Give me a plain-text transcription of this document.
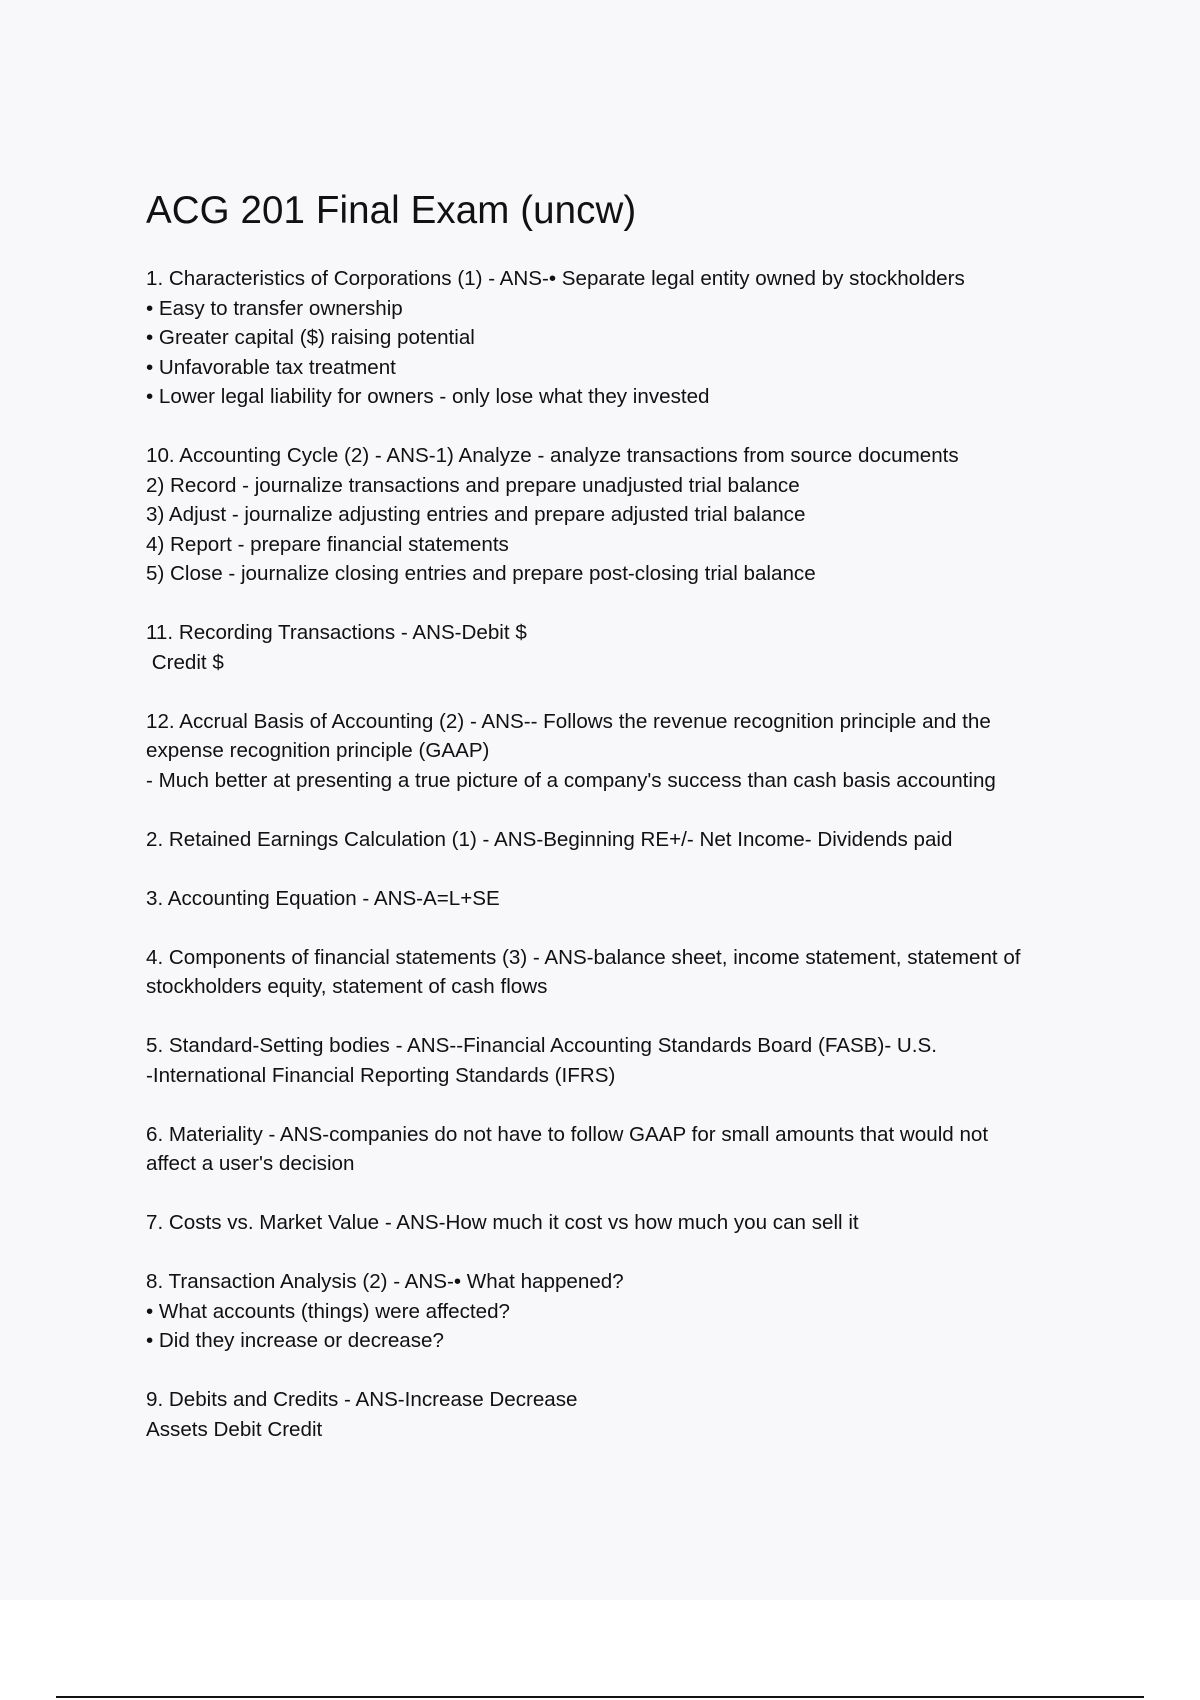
ACG 201 Final Exam (uncw)
1. Characteristics of Corporations (1) - ANS-• Separate legal entity owned by stockholders
• Easy to transfer ownership
• Greater capital ($) raising potential
• Unfavorable tax treatment
• Lower legal liability for owners - only lose what they invested
10. Accounting Cycle (2) - ANS-1) Analyze - analyze transactions from source documents
2) Record - journalize transactions and prepare unadjusted trial balance
3) Adjust - journalize adjusting entries and prepare adjusted trial balance
4) Report - prepare financial statements
5) Close - journalize closing entries and prepare post-closing trial balance
11. Recording Transactions - ANS-Debit $
Credit $
12. Accrual Basis of Accounting (2) - ANS-- Follows the revenue recognition principle and the
expense recognition principle (GAAP)
- Much better at presenting a true picture of a company's success than cash basis accounting
2. Retained Earnings Calculation (1) - ANS-Beginning RE+/- Net Income- Dividends paid
3. Accounting Equation - ANS-A=L+SE
4. Components of financial statements (3) - ANS-balance sheet, income statement, statement of
stockholders equity, statement of cash flows
5. Standard-Setting bodies - ANS--Financial Accounting Standards Board (FASB)- U.S.
-International Financial Reporting Standards (IFRS)
6. Materiality - ANS-companies do not have to follow GAAP for small amounts that would not
affect a user's decision
7. Costs vs. Market Value - ANS-How much it cost vs how much you can sell it
8. Transaction Analysis (2) - ANS-• What happened?
• What accounts (things) were affected?
• Did they increase or decrease?
9. Debits and Credits - ANS-Increase Decrease
Assets Debit Credit
